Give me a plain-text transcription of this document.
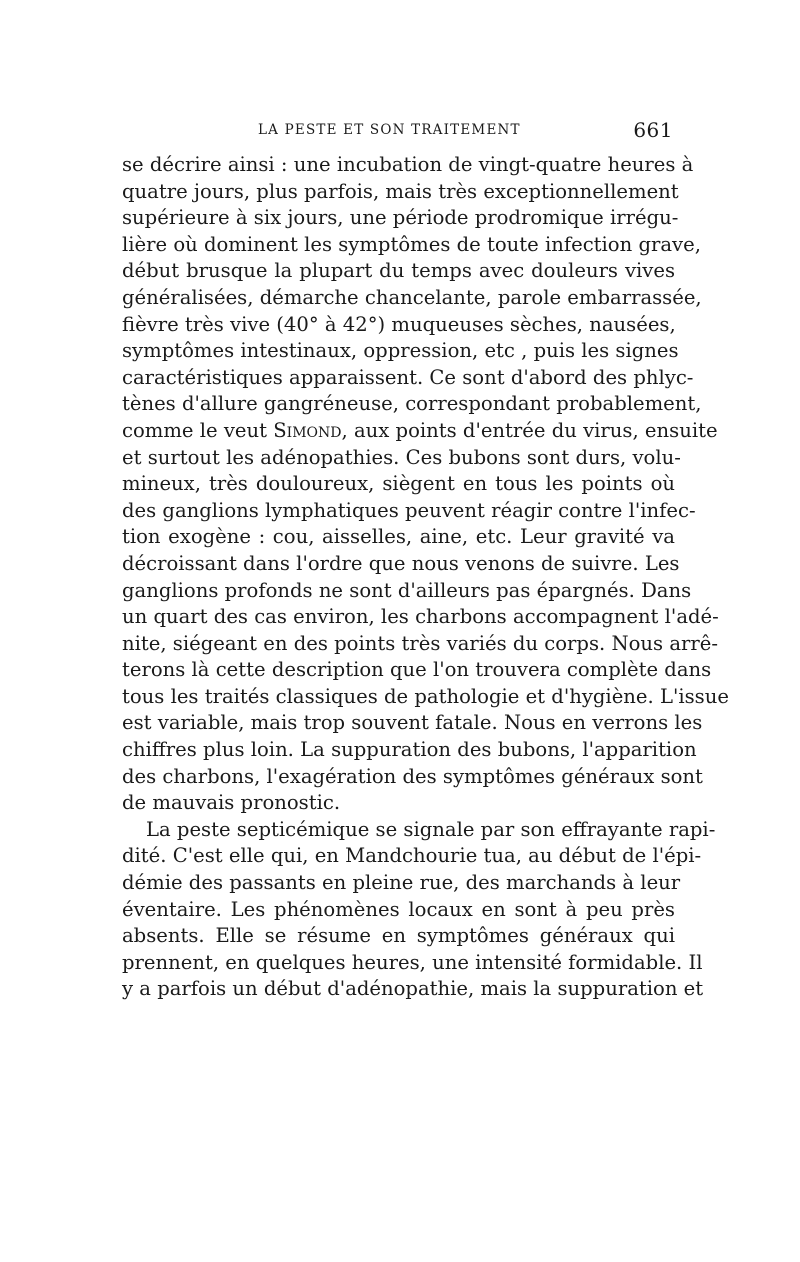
LA PESTE ET SON TRAITEMENT	661
se décrire ainsi : une incubation de vingt-quatre heures à
quatre jours, plus parfois, mais très exceptionnellement
supérieure à six jours, une période prodromique irrégu-
lière où dominent les symptômes de toute infection grave,
début brusque la plupart du temps avec douleurs vives
généralisées, démarche chancelante, parole embarrassée,
fièvre très vive (40° à 42°) muqueuses sèches, nausées,
symptômes intestinaux, oppression, etc , puis les signes
caractéristiques apparaissent. Ce sont d'abord des phlyc-
tènes d'allure gangréneuse, correspondant probablement,
comme le veut Simond, aux points d'entrée du virus, ensuite
et surtout les adénopathies. Ces bubons sont durs, volu-
mineux, très douloureux, siègent en tous les points où
des ganglions lymphatiques peuvent réagir contre l'infec-
tion exogène : cou, aisselles, aine, etc. Leur gravité va
décroissant dans l'ordre que nous venons de suivre. Les
ganglions profonds ne sont d'ailleurs pas épargnés. Dans
un quart des cas environ, les charbons accompagnent l'adé-
nite, siégeant en des points très variés du corps. Nous arrê-
terons là cette description que l'on trouvera complète dans
tous les traités classiques de pathologie et d'hygiène. L'issue
est variable, mais trop souvent fatale. Nous en verrons les
chiffres plus loin. La suppuration des bubons, l'apparition
des charbons, l'exagération des symptômes généraux sont
de mauvais pronostic.
La peste septicémique se signale par son effrayante rapi-
dité. C'est elle qui, en Mandchourie tua, au début de l'épi-
démie des passants en pleine rue, des marchands à leur
éventaire. Les phénomènes locaux en sont à peu près
absents. Elle se résume en symptômes généraux qui
prennent, en quelques heures, une intensité formidable. Il
y a parfois un début d'adénopathie, mais la suppuration et
